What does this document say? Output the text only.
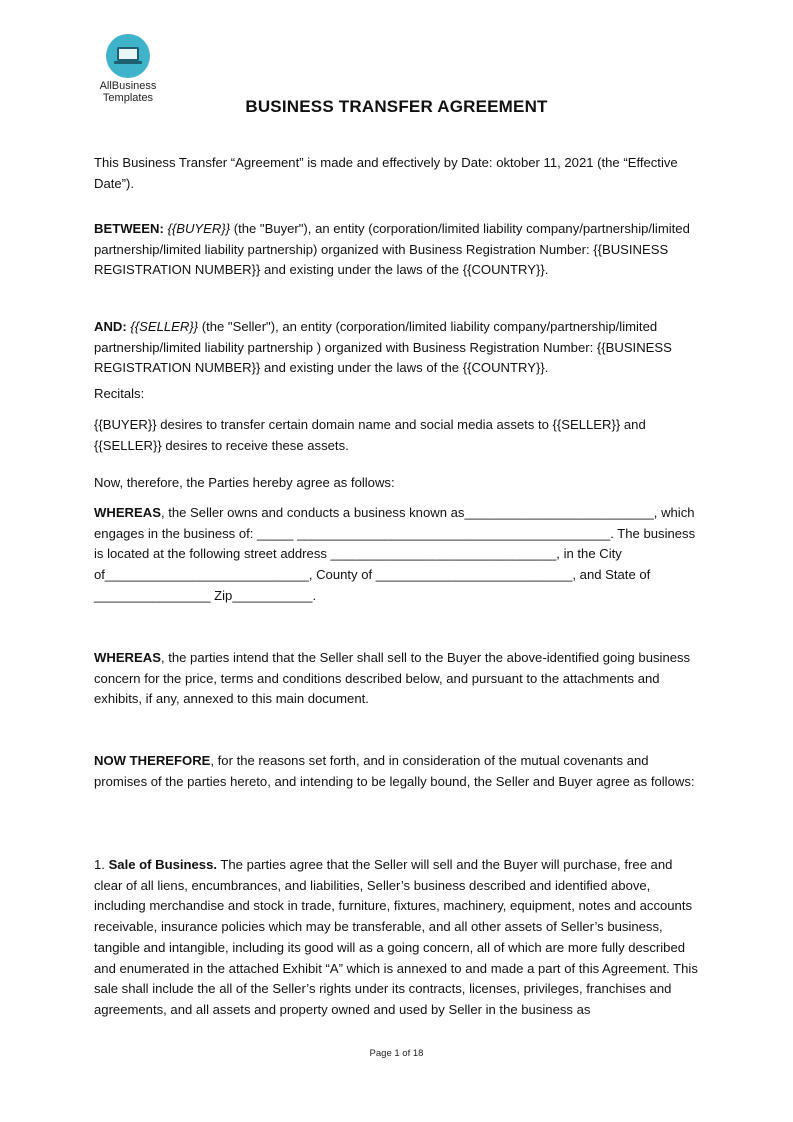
AllBusiness
Templates	BUSINESS TRANSFER AGREEMENT

This Business Transfer “Agreement” is made and effectively by Date: oktober 11, 2021 (the “Effective Date”).

BETWEEN: {{BUYER}} (the "Buyer"), an entity (corporation/limited liability company/partnership/limited partnership/limited liability partnership) organized with Business Registration Number: {{BUSINESS REGISTRATION NUMBER}} and existing under the laws of the {{COUNTRY}}.

AND: {{SELLER}} (the "Seller"), an entity (corporation/limited liability company/partnership/limited partnership/limited liability partnership ) organized with Business Registration Number: {{BUSINESS REGISTRATION NUMBER}} and existing under the laws of the {{COUNTRY}}.

Recitals:

{{BUYER}} desires to transfer certain domain name and social media assets to {{SELLER}} and {{SELLER}} desires to receive these assets.

Now, therefore, the Parties hereby agree as follows:

WHEREAS, the Seller owns and conducts a business known as__________________________, which engages in the business of: _____ ___________________________________________. The business is located at the following street address _______________________________, in the City of____________________________, County of ___________________________, and State of ________________ Zip___________.

WHEREAS, the parties intend that the Seller shall sell to the Buyer the above-identified going business concern for the price, terms and conditions described below, and pursuant to the attachments and exhibits, if any, annexed to this main document.

NOW THEREFORE, for the reasons set forth, and in consideration of the mutual covenants and promises of the parties hereto, and intending to be legally bound, the Seller and Buyer agree as follows:

1. Sale of Business. The parties agree that the Seller will sell and the Buyer will purchase, free and clear of all liens, encumbrances, and liabilities, Seller’s business described and identified above, including merchandise and stock in trade, furniture, fixtures, machinery, equipment, notes and accounts receivable, insurance policies which may be transferable, and all other assets of Seller’s business, tangible and intangible, including its good will as a going concern, all of which are more fully described and enumerated in the attached Exhibit “A” which is annexed to and made a part of this Agreement. This sale shall include the all of the Seller’s rights under its contracts, licenses, privileges, franchises and agreements, and all assets and property owned and used by Seller in the business as

Page 1 of 18
